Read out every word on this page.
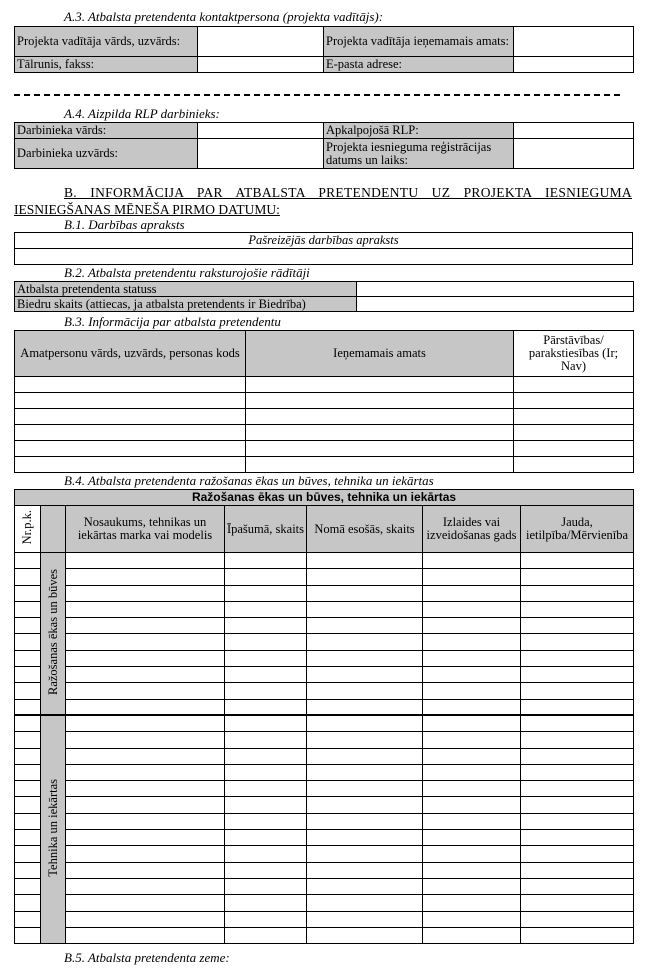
A.3. Atbalsta pretendenta kontaktpersona (projekta vadītājs):
Projekta vadītāja vārds, uzvārds:		Projekta vadītāja ieņemamais amats:	
Tālrunis, fakss:		E-pasta adrese:	
A.4. Aizpilda RLP darbinieks:
Darbinieka vārds:		Apkalpojošā RLP:	
Darbinieka uzvārds:		Projekta iesnieguma reģistrācijas datums un laiks:	
B. INFORMĀCIJA PAR ATBALSTA PRETENDENTU UZ PROJEKTA IESNIEGUMA
IESNIEGŠANAS MĒNEŠA PIRMO DATUMU:
B.1. Darbības apraksts
Pašreizējās darbības apraksts

B.2. Atbalsta pretendentu raksturojošie rādītāji
Atbalsta pretendenta statuss	
Biedru skaits (attiecas, ja atbalsta pretendents ir Biedrība)	
B.3. Informācija par atbalsta pretendentu
Amatpersonu vārds, uzvārds, personas kods	Ieņemamais amats	Pārstāvības/ parakstiesības (Ir; Nav)

B.4. Atbalsta pretendenta ražošanas ēkas un būves, tehnika un iekārtas
Ražošanas ēkas un būves, tehnika un iekārtas						
Nr.p.k.		Nosaukums, tehnikas un iekārtas marka vai modelis	Īpašumā, skaits	Nomā esošās, skaits	Izlaides vai izveidošanas gads	Jauda, ietilpība/Mērvienība
	Ražošanas ēkas un būves					

	Tehnika un iekārtas					

B.5. Atbalsta pretendenta zeme:
